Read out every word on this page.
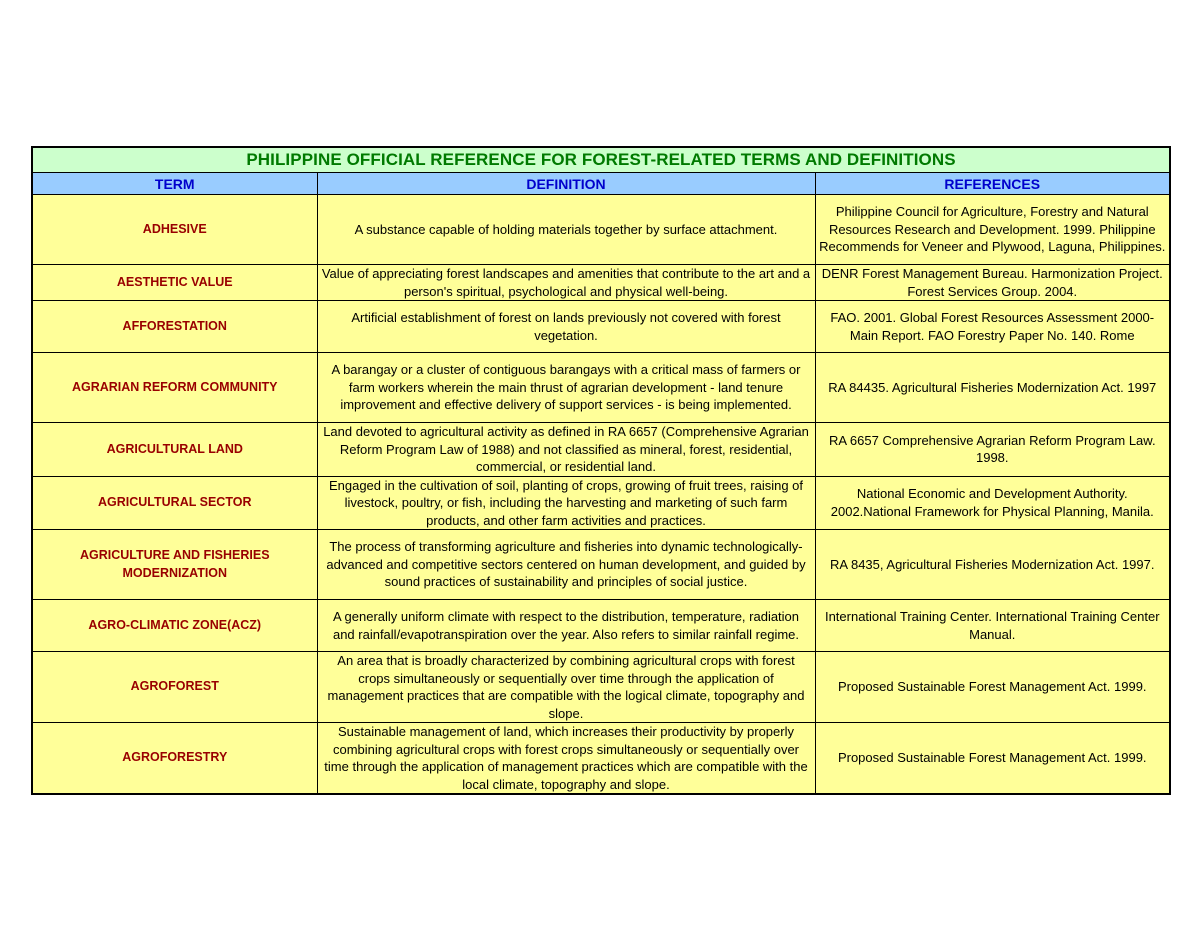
PHILIPPINE OFFICIAL REFERENCE FOR FOREST-RELATED TERMS AND DEFINITIONS		
TERM	DEFINITION	REFERENCES
ADHESIVE	A substance capable of holding materials together by surface attachment.	Philippine Council for Agriculture, Forestry and Natural Resources Research and Development. 1999. Philippine Recommends for Veneer and Plywood, Laguna, Philippines.
AESTHETIC VALUE	Value of appreciating forest landscapes and amenities that contribute to the art and a person's spiritual, psychological and physical well-being.	DENR Forest Management Bureau. Harmonization Project. Forest Services Group. 2004.
AFFORESTATION	Artificial establishment of forest on lands previously not covered with forest vegetation.	FAO. 2001. Global Forest Resources Assessment 2000-Main Report. FAO Forestry Paper No. 140. Rome
AGRARIAN REFORM COMMUNITY	A barangay or a cluster of contiguous barangays with a critical mass of farmers or farm workers wherein the main thrust of agrarian development - land tenure improvement and effective delivery of support services - is being implemented.	RA 84435. Agricultural Fisheries Modernization Act. 1997
AGRICULTURAL LAND	Land devoted to agricultural activity as defined in RA 6657 (Comprehensive Agrarian Reform Program Law of 1988) and not classified as mineral, forest, residential, commercial, or residential land.	RA 6657 Comprehensive Agrarian Reform Program Law. 1998.
AGRICULTURAL SECTOR	Engaged in the cultivation of soil, planting of crops, growing of fruit trees, raising of livestock, poultry, or fish, including the harvesting and marketing of such farm products, and other farm activities and practices.	National Economic and Development Authority. 2002.National Framework for Physical Planning, Manila.
AGRICULTURE AND FISHERIES MODERNIZATION	The process of transforming agriculture and fisheries into dynamic technologically-advanced and competitive sectors centered on human development, and guided by sound practices of sustainability and principles of social justice.	RA 8435, Agricultural Fisheries Modernization Act. 1997.
AGRO-CLIMATIC ZONE(ACZ)	A generally uniform climate with respect to the distribution, temperature, radiation and rainfall/evapotranspiration over the year. Also refers to similar rainfall regime.	International Training Center. International Training Center Manual.
AGROFOREST	An area that is broadly characterized by combining agricultural crops with forest crops simultaneously or sequentially over time through the application of management practices that are compatible with the logical climate, topography and slope.	Proposed Sustainable Forest Management Act. 1999.
AGROFORESTRY	Sustainable management of land, which increases their productivity by properly combining agricultural crops with forest crops simultaneously or sequentially over time through the application of management practices which are compatible with the local climate, topography and slope.	Proposed Sustainable Forest Management Act. 1999.
